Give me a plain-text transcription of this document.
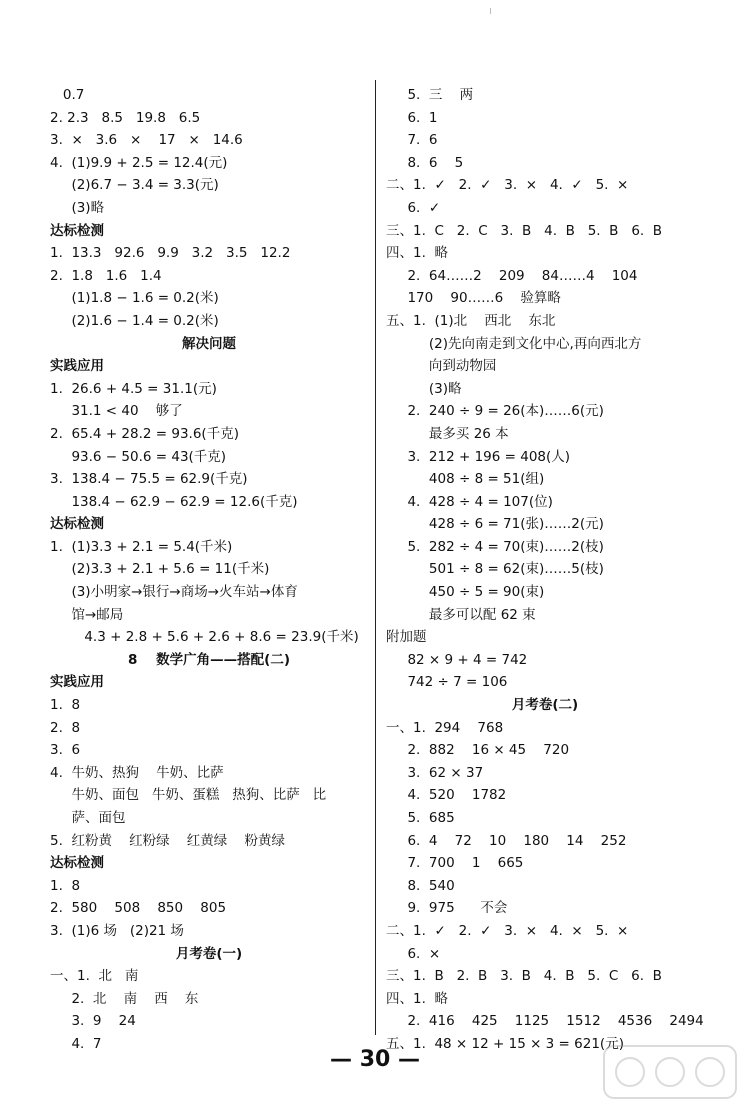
0.7
2. 2.3   8.5   19.8   6.5
3.  ×   3.6   ×    17   ×   14.6
4.  (1)9.9 + 2.5 = 12.4(元)
(2)6.7 − 3.4 = 3.3(元)
(3)略
达标检测
1.  13.3   92.6   9.9   3.2   3.5   12.2
2.  1.8   1.6   1.4
(1)1.8 − 1.6 = 0.2(米)
(2)1.6 − 1.4 = 0.2(米)
解决问题
实践应用
1.  26.6 + 4.5 = 31.1(元)
31.1 < 40    够了
2.  65.4 + 28.2 = 93.6(千克)
93.6 − 50.6 = 43(千克)
3.  138.4 − 75.5 = 62.9(千克)
138.4 − 62.9 − 62.9 = 12.6(千克)
达标检测
1.  (1)3.3 + 2.1 = 5.4(千米)
(2)3.3 + 2.1 + 5.6 = 11(千米)
(3)小明家→银行→商场→火车站→体育
馆→邮局
4.3 + 2.8 + 5.6 + 2.6 + 8.6 = 23.9(千米)
8    数学广角——搭配(二)
实践应用
1.  8
2.  8
3.  6
4.  牛奶、热狗    牛奶、比萨
牛奶、面包   牛奶、蛋糕   热狗、比萨   比
萨、面包
5.  红粉黄    红粉绿    红黄绿    粉黄绿
达标检测
1.  8
2.  580    508    850    805
3.  (1)6 场   (2)21 场
月考卷(一)
一、1.  北   南
2.  北    南    西    东
3.  9    24
4.  7
5.  三    两
6.  1
7.  6
8.  6    5
二、1.  ✓   2.  ✓   3.  ×   4.  ✓   5.  ×
6.  ✓
三、1.  C   2.  C   3.  B   4.  B   5.  B   6.  B
四、1.  略
2.  64……2    209    84……4    104
170    90……6    验算略
五、1.  (1)北    西北    东北
(2)先向南走到文化中心,再向西北方
向到动物园
(3)略
2.  240 ÷ 9 = 26(本)……6(元)
最多买 26 本
3.  212 + 196 = 408(人)
408 ÷ 8 = 51(组)
4.  428 ÷ 4 = 107(位)
428 ÷ 6 = 71(张)……2(元)
5.  282 ÷ 4 = 70(束)……2(枝)
501 ÷ 8 = 62(束)……5(枝)
450 ÷ 5 = 90(束)
最多可以配 62 束
附加题
82 × 9 + 4 = 742
742 ÷ 7 = 106
月考卷(二)
一、1.  294    768
2.  882    16 × 45    720
3.  62 × 37
4.  520    1782
5.  685
6.  4    72    10    180    14    252
7.  700    1    665
8.  540
9.  975      不会
二、1.  ✓   2.  ✓   3.  ×   4.  ×   5.  ×
6.  ×
三、1.  B   2.  B   3.  B   4.  B   5.  C   6.  B
四、1.  略
2.  416    425    1125    1512    4536    2494
五、1.  48 × 12 + 15 × 3 = 621(元)
— 30 —
